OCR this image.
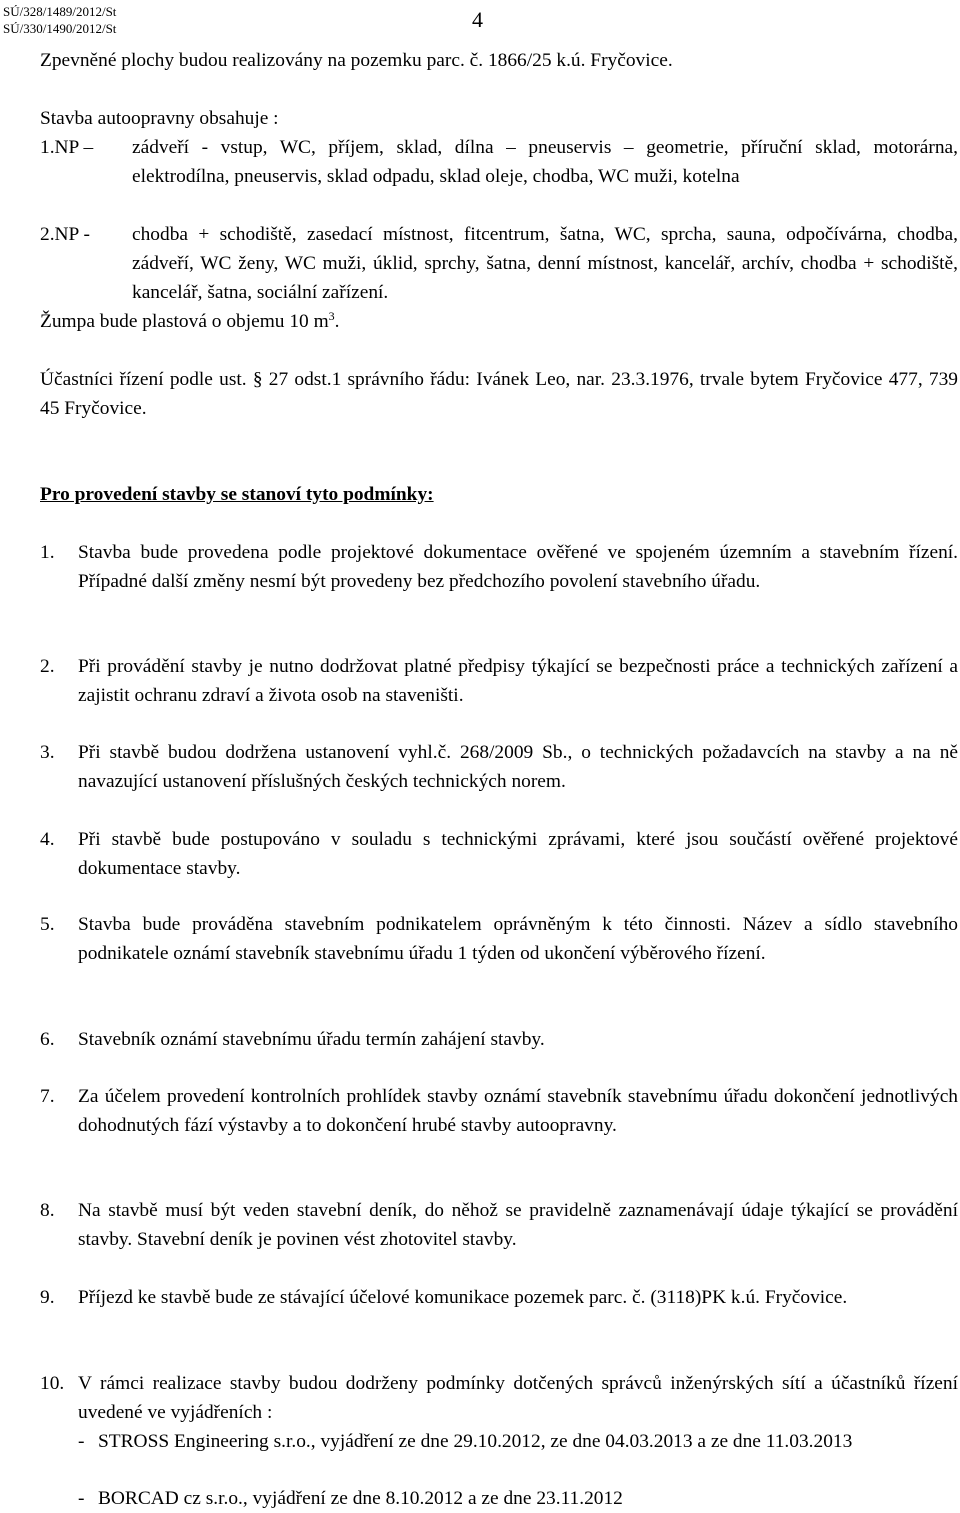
SÚ/328/1489/2012/St
SÚ/330/1490/2012/St	4

Zpevněné plochy budou realizovány na pozemku parc. č. 1866/25 k.ú. Fryčovice.

Stavba autoopravny obsahuje :

1.NP –	zádveří - vstup, WC, příjem, sklad, dílna – pneuservis – geometrie, příruční sklad, motorárna, elektrodílna, pneuservis, sklad odpadu, sklad oleje, chodba, WC muži, kotelna

2.NP -	chodba + schodiště, zasedací místnost, fitcentrum, šatna, WC, sprcha, sauna, odpočívárna, chodba, zádveří, WC ženy, WC muži, úklid, sprchy, šatna, denní místnost, kancelář, archív, chodba + schodiště, kancelář, šatna, sociální zařízení.

Žumpa bude plastová o objemu 10 $m^3$.

Účastníci řízení podle ust. § 27 odst.1 správního řádu: Ivánek Leo, nar. 23.3.1976, trvale bytem Fryčovice 477, 739 45 Fryčovice.

Pro provedení stavby se stanoví tyto podmínky:

1.	Stavba bude provedena podle projektové dokumentace ověřené ve spojeném územním a stavebním řízení. Případné další změny nesmí být provedeny bez předchozího povolení stavebního úřadu.

2.	Při provádění stavby je nutno dodržovat platné předpisy týkající se bezpečnosti práce a technických zařízení a zajistit ochranu zdraví a života osob na staveništi.

3.	Při stavbě budou dodržena ustanovení vyhl.č. 268/2009 Sb., o technických požadavcích na stavby a na ně navazující ustanovení příslušných českých technických norem.

4.	Při stavbě bude postupováno v souladu s technickými zprávami, které jsou součástí ověřené projektové dokumentace stavby.

5.	Stavba bude prováděna stavebním podnikatelem oprávněným k této činnosti. Název a sídlo stavebního podnikatele oznámí stavebník stavebnímu úřadu 1 týden od ukončení výběrového řízení.

6.	Stavebník oznámí stavebnímu úřadu termín zahájení stavby.

7.	Za účelem provedení kontrolních prohlídek stavby oznámí stavebník stavebnímu úřadu dokončení jednotlivých dohodnutých fází výstavby a to dokončení hrubé stavby autoopravny.

8.	Na stavbě musí být veden stavební deník, do něhož se pravidelně zaznamenávají údaje týkající se provádění stavby. Stavební deník je povinen vést zhotovitel stavby.

9.	Příjezd ke stavbě bude ze stávající účelové komunikace pozemek parc. č. (3118)PK k.ú. Fryčovice.

10. V rámci realizace stavby budou dodrženy podmínky dotčených správců inženýrských sítí a účastníků řízení uvedené ve vyjádřeních :

- STROSS Engineering s.r.o., vyjádření ze dne 29.10.2012, ze dne 04.03.2013 a ze dne 11.03.2013

- BORCAD cz s.r.o., vyjádření ze dne 8.10.2012 a ze dne 23.11.2012
